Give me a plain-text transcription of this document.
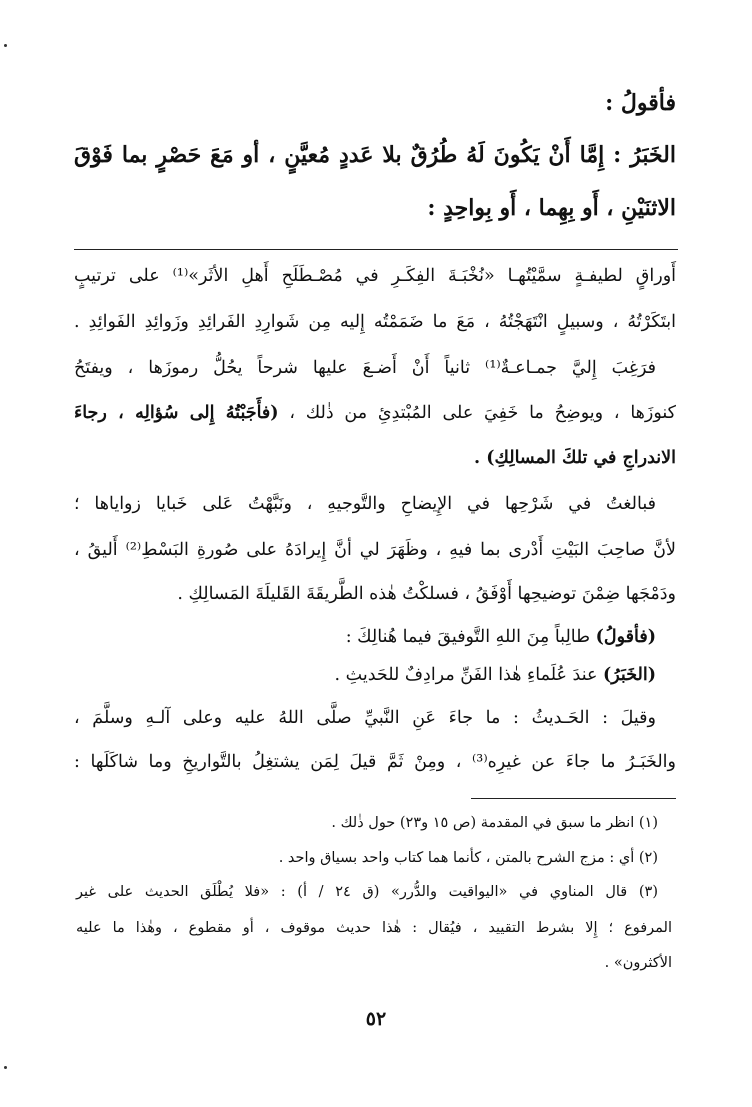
فأقولُ :
الخَبَرُ : إِمَّا أَنْ يَكُونَ لَهُ طُرُقٌ بلا عَددٍ مُعيَّنٍ ، أو مَعَ حَصْرٍ بما فَوْقَ
الاثنَيْنِ ، أَو بِهِما ، أَو بِواحِدٍ :
أَوراقٍ لطيفـةٍ سمَّيْتُهـا «نُخْبَـةَ الفِكَـرِ في مُصْـطَلَحِ أَهلِ الأثَر»⁽¹⁾ على ترتيبٍ
ابتَكَرْتُهُ ، وسبيلٍ انْتَهَجْتُهُ ، مَعَ ما ضَمَمْتُه إِليه مِن شَوارِدِ الفَرائِدِ وزَوائِدِ الفَوائِدِ .
فرَغِبَ إِليَّ جمـاعـةٌ⁽¹⁾ ثانياً أَنْ أَضـعَ عليها شرحاً يحُلُّ رموزَها ، ويفتَحُ
كنوزَها ، ويوضِحُ ما خَفِيَ على المُبْتدِئِ من ذٰلك ، (فأَجَبْتُهُ إِلى سُؤالِه ، رجاءَ
الاندراجِ في تلكَ المسالِكِ) .
فبالغتُ في شَرْحِها في الإِيضاحِ والتَّوجيهِ ، ونَبَّهْتُ عَلى خَبايا زواياها ؛
لأنَّ صاحِبَ البَيْتِ أَدْرى بما فيهِ ، وظَهَرَ لي أنَّ إِيرادَهُ على صُورةِ البَسْطِ⁽²⁾ أَليقُ ،
ودَمْجَها ضِمْنَ توضيحِها أَوْفَقُ ، فسلكْتُ هٰذه الطَّريقَةَ القَليلَةَ المَسالِكِ .
(فأقولُ) طالِباً مِنَ اللهِ التَّوفيقَ فيما هُنالِكَ :
(الخَبَرُ) عندَ عُلَماءِ هٰذا الفَنِّ مرادِفٌ للحَديثِ .
وقيلَ : الحَـديثُ : ما جاءَ عَنِ النَّبيِّ صلَّى اللهُ عليه وعلى آلـهِ وسلَّمَ ،
والخَبَـرُ ما جاءَ عن غيرِه⁽³⁾ ، ومِنْ ثَمَّ قيلَ لِمَن يشتغِلُ بالتَّواريخِ وما شاكَلَها :
(١) انظر ما سبق في المقدمة (ص ١٥ و٢٣) حول ذٰلك .
(٢) أي : مزج الشرح بالمتن ، كأنما هما كتاب واحد بسياق واحد .
(٣) قال المناوي في «اليواقيت والدُّرر» (ق ٢٤ / أ) : «فلا يُطْلَق الحديث على غير
المرفوع ؛ إِلا بشرط التقييد ، فيُقال : هٰذا حديث موقوف ، أو مقطوع ، وهٰذا ما عليه
الأكثرون» .
٥٢
